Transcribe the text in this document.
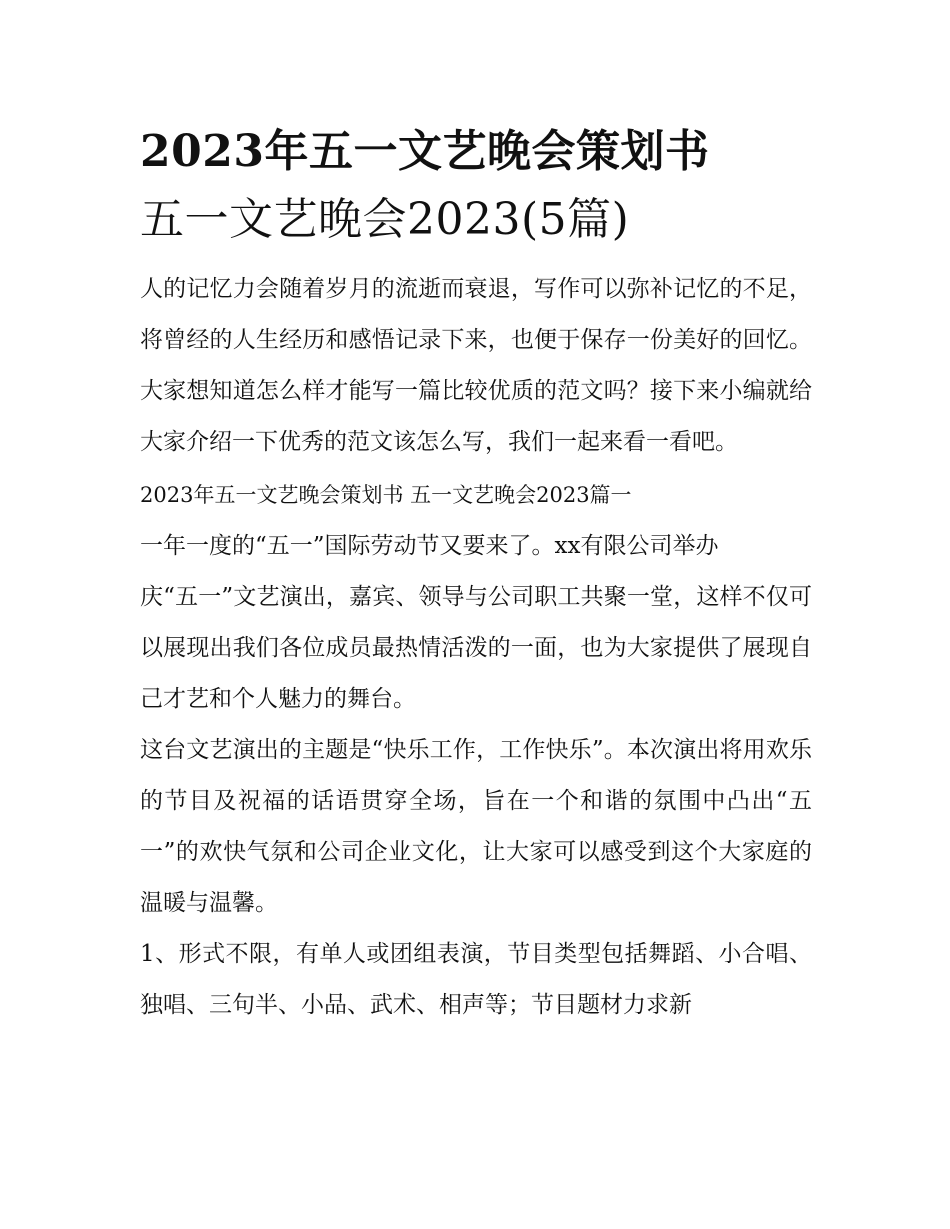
2023年五一文艺晚会策划书
五一文艺晚会2023(5篇)

人的记忆力会随着岁月的流逝而衰退，写作可以弥补记忆的不足，将曾经的人生经历和感悟记录下来，也便于保存一份美好的回忆。大家想知道怎么样才能写一篇比较优质的范文吗？接下来小编就给大家介绍一下优秀的范文该怎么写，我们一起来看一看吧。

2023年五一文艺晚会策划书 五一文艺晚会2023篇一

一年一度的“五一”国际劳动节又要来了。xx有限公司举办

庆“五一”文艺演出，嘉宾、领导与公司职工共聚一堂，这样不仅可以展现出我们各位成员最热情活泼的一面，也为大家提供了展现自己才艺和个人魅力的舞台。

这台文艺演出的主题是“快乐工作，工作快乐”。本次演出将用欢乐的节目及祝福的话语贯穿全场，旨在一个和谐的氛围中凸出“五一”的欢快气氛和公司企业文化，让大家可以感受到这个大家庭的温暖与温馨。

1、形式不限，有单人或团组表演，节目类型包括舞蹈、小合唱、独唱、三句半、小品、武术、相声等；节目题材力求新
